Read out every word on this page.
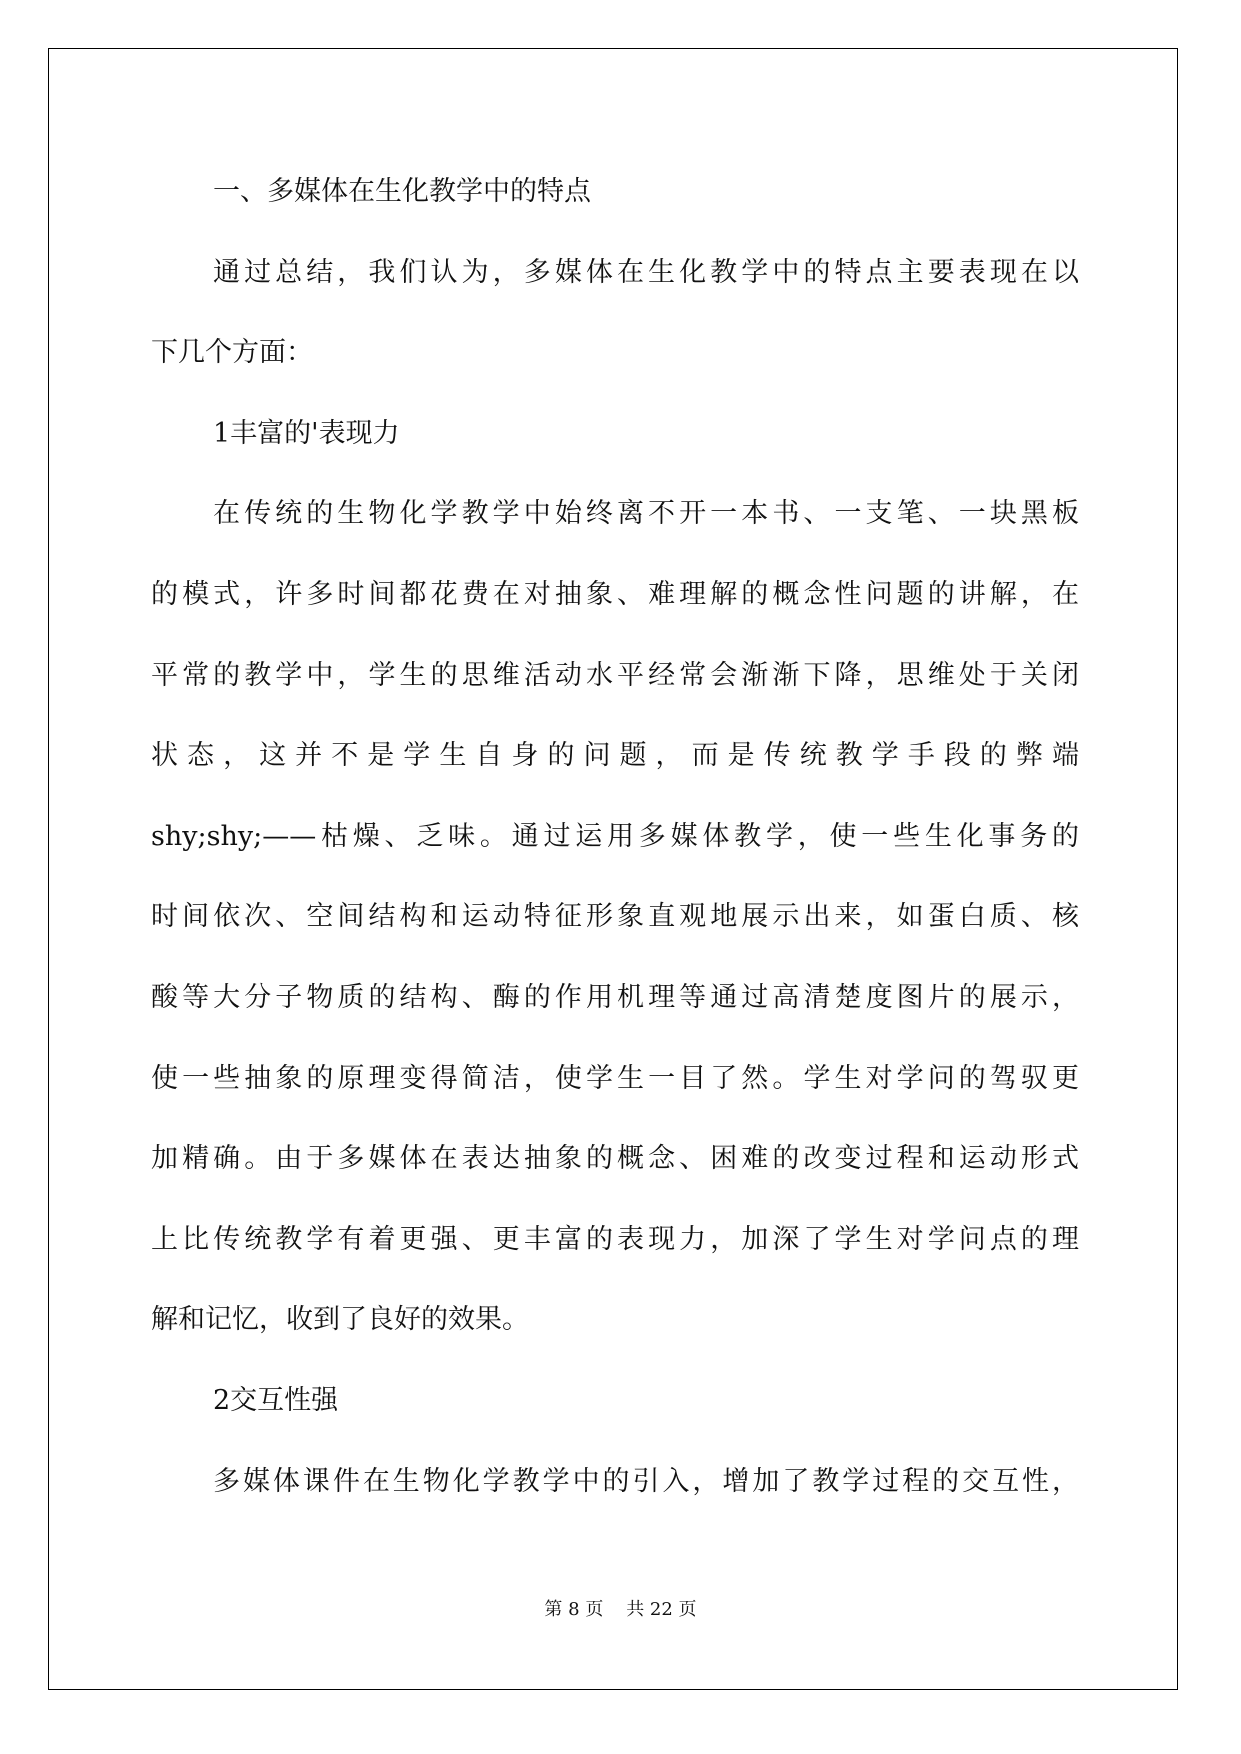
一、多媒体在生化教学中的特点
通过总结，我们认为，多媒体在生化教学中的特点主要表现在以
下几个方面：
1丰富的'表现力
在传统的生物化学教学中始终离不开一本书、一支笔、一块黑板
的模式，许多时间都花费在对抽象、难理解的概念性问题的讲解，在
平常的教学中，学生的思维活动水平经常会渐渐下降，思维处于关闭
状态，这并不是学生自身的问题，而是传统教学手段的弊端
shy;shy;——枯燥、乏味。通过运用多媒体教学，使一些生化事务的
时间依次、空间结构和运动特征形象直观地展示出来，如蛋白质、核
酸等大分子物质的结构、酶的作用机理等通过高清楚度图片的展示，
使一些抽象的原理变得简洁，使学生一目了然。学生对学问的驾驭更
加精确。由于多媒体在表达抽象的概念、困难的改变过程和运动形式
上比传统教学有着更强、更丰富的表现力，加深了学生对学问点的理
解和记忆，收到了良好的效果。
2交互性强
多媒体课件在生物化学教学中的引入，增加了教学过程的交互性，
第 8 页    共 22 页
